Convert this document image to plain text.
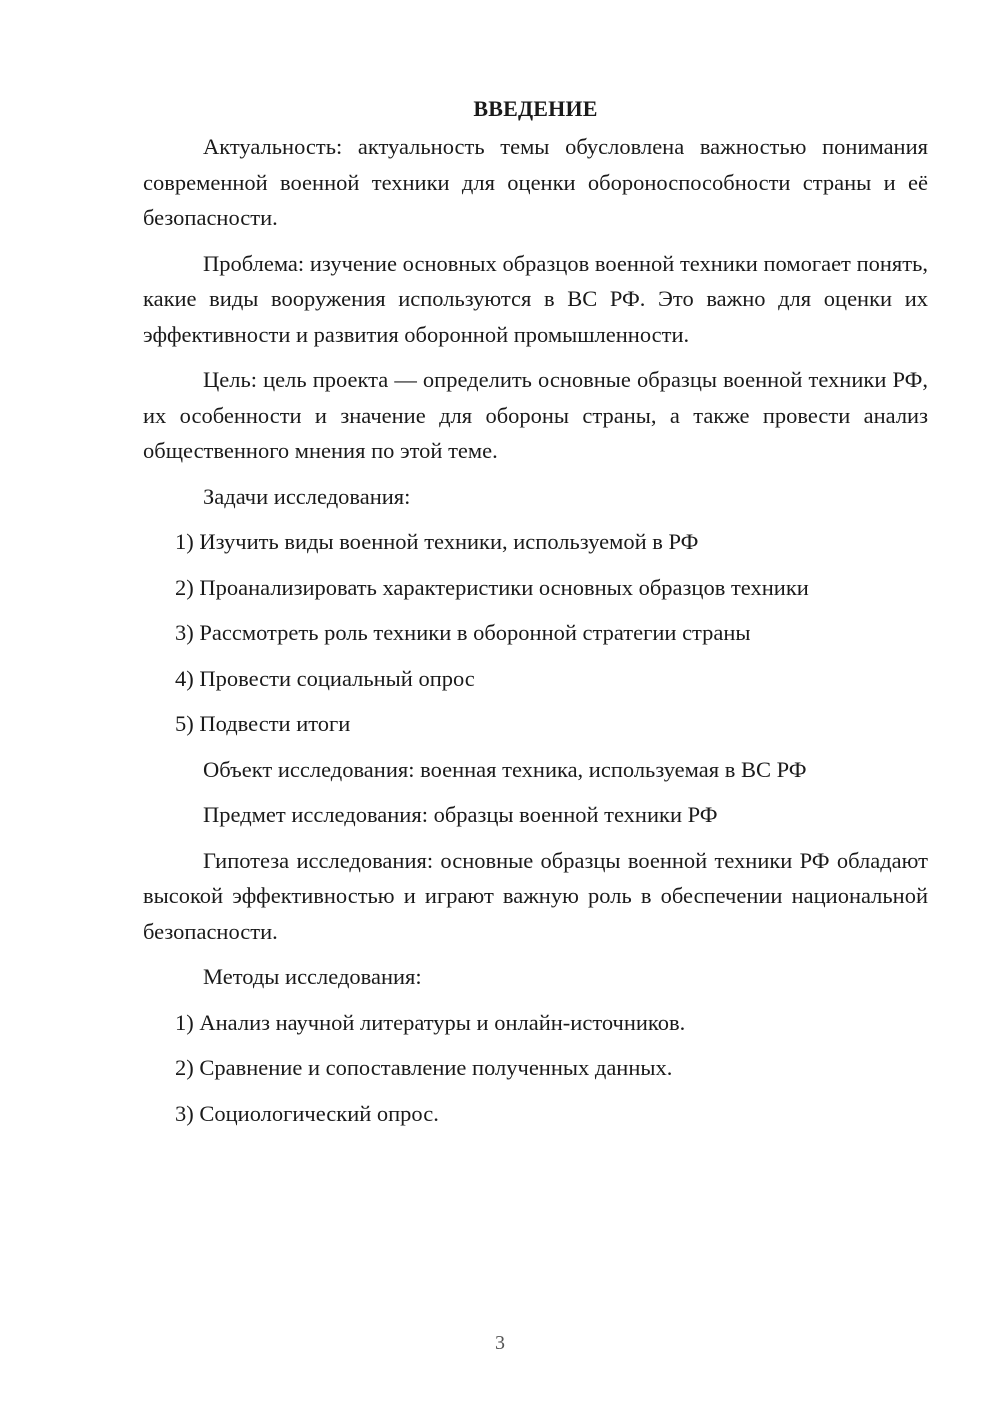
ВВЕДЕНИЕ

Актуальность: актуальность темы обусловлена важностью понимания современной военной техники для оценки обороноспособности страны и её безопасности.

Проблема: изучение основных образцов военной техники помогает понять, какие виды вооружения используются в ВС РФ. Это важно для оценки их эффективности и развития оборонной промышленности.

Цель: цель проекта — определить основные образцы военной техники РФ, их особенности и значение для обороны страны, а также провести анализ общественного мнения по этой теме.

Задачи исследования:
1) Изучить виды военной техники, используемой в РФ
2) Проанализировать характеристики основных образцов техники
3) Рассмотреть роль техники в оборонной стратегии страны
4) Провести социальный опрос
5) Подвести итоги
Объект исследования: военная техника, используемая в ВС РФ
Предмет исследования: образцы военной техники РФ

Гипотеза исследования: основные образцы военной техники РФ обладают высокой эффективностью и играют важную роль в обеспечении национальной безопасности.

Методы исследования:
1) Анализ научной литературы и онлайн-источников.
2) Сравнение и сопоставление полученных данных.
3) Социологический опрос.
3
